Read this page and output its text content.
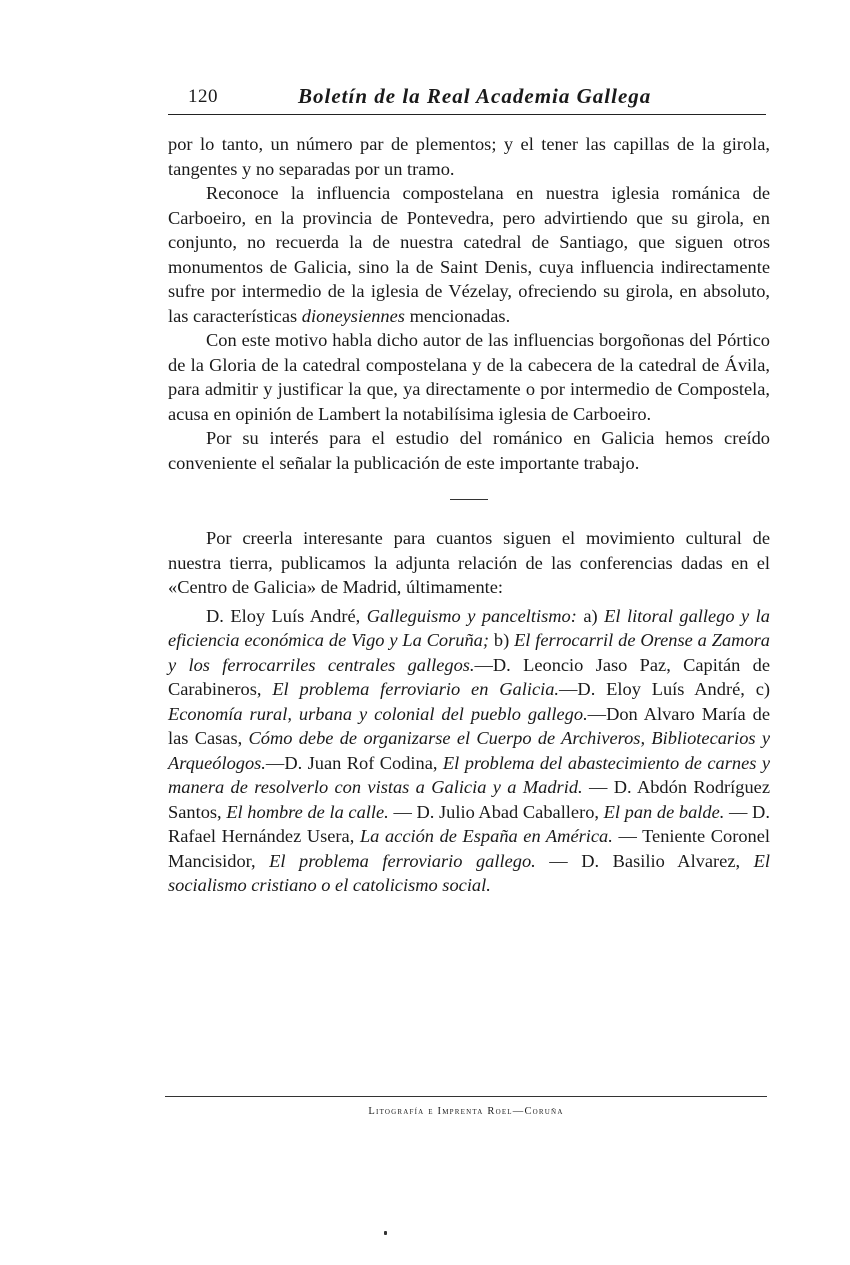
120	Boletín de la Real Academia Gallega

por lo tanto, un número par de plementos; y el tener las capillas de la girola, tangentes y no separadas por un tramo.

Reconoce la influencia compostelana en nuestra iglesia románica de Carboeiro, en la provincia de Pontevedra, pero advirtiendo que su girola, en conjunto, no recuerda la de nuestra catedral de Santiago, que siguen otros monumentos de Galicia, sino la de Saint Denis, cuya influencia indirectamente sufre por intermedio de la iglesia de Vézelay, ofreciendo su girola, en absoluto, las características dioneysiennes mencionadas.

Con este motivo habla dicho autor de las influencias borgoñonas del Pórtico de la Gloria de la catedral compostelana y de la cabecera de la catedral de Ávila, para admitir y justificar la que, ya directamente o por intermedio de Compostela, acusa en opinión de Lambert la notabilísima iglesia de Carboeiro.

Por su interés para el estudio del románico en Galicia hemos creído conveniente el señalar la publicación de este importante trabajo.

Por creerla interesante para cuantos siguen el movimiento cultural de nuestra tierra, publicamos la adjunta relación de las conferencias dadas en el «Centro de Galicia» de Madrid, últimamente:

D. Eloy Luís André, Galleguismo y panceltismo: a) El litoral gallego y la eficiencia económica de Vigo y La Coruña; b) El ferrocarril de Orense a Zamora y los ferrocarriles centrales gallegos.—D. Leoncio Jaso Paz, Capitán de Carabineros, El problema ferroviario en Galicia.—D. Eloy Luís André, c) Economía rural, urbana y colonial del pueblo gallego.—Don Alvaro María de las Casas, Cómo debe de organizarse el Cuerpo de Archiveros, Bibliotecarios y Arqueólogos.—D. Juan Rof Codina, El problema del abastecimiento de carnes y manera de resolverlo con vistas a Galicia y a Madrid. — D. Abdón Rodríguez Santos, El hombre de la calle. — D. Julio Abad Caballero, El pan de balde. — D. Rafael Hernández Usera, La acción de España en América. — Teniente Coronel Mancisidor, El problema ferroviario gallego. — D. Basilio Alvarez, El socialismo cristiano o el catolicismo social.

Litografía e Imprenta Roel—Coruña
